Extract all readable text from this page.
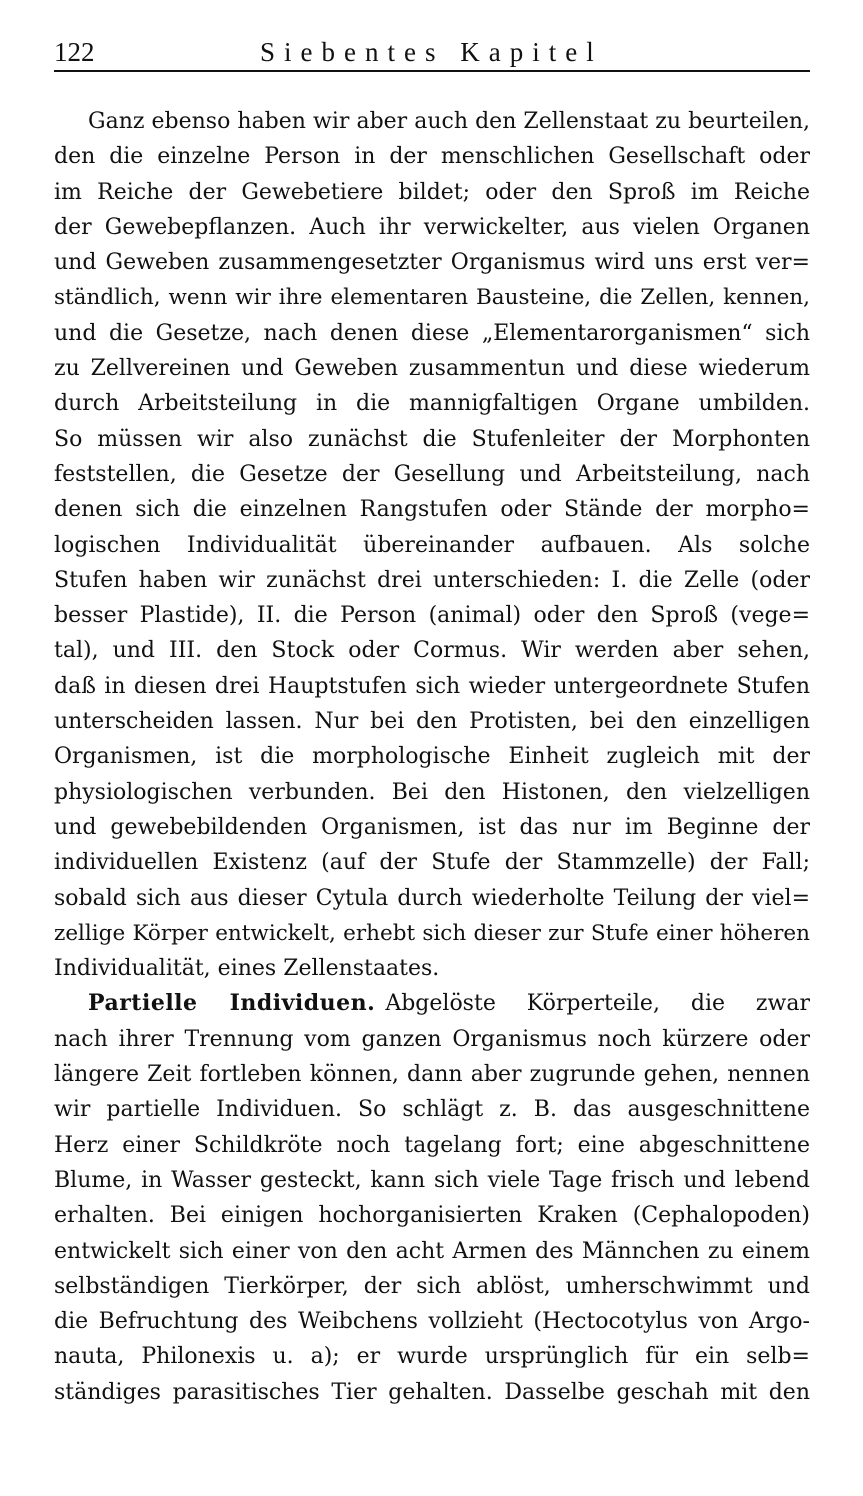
122	Siebentes Kapitel
Ganz ebenso haben wir aber auch den Zellenstaat zu beurteilen,
den die einzelne Person in der menschlichen Gesellschaft oder
im Reiche der Gewebetiere bildet; oder den Sproß im Reiche
der Gewebepflanzen. Auch ihr verwickelter, aus vielen Organen
und Geweben zusammengesetzter Organismus wird uns erst ver=
ständlich, wenn wir ihre elementaren Bausteine, die Zellen, kennen,
und die Gesetze, nach denen diese „Elementarorganismen“ sich
zu Zellvereinen und Geweben zusammentun und diese wiederum
durch Arbeitsteilung in die mannigfaltigen Organe umbilden.
So müssen wir also zunächst die Stufenleiter der Morphonten
feststellen, die Gesetze der Gesellung und Arbeitsteilung, nach
denen sich die einzelnen Rangstufen oder Stände der morpho=
logischen Individualität übereinander aufbauen. Als solche
Stufen haben wir zunächst drei unterschieden: I. die Zelle (oder
besser Plastide), II. die Person (animal) oder den Sproß (vege=
tal), und III. den Stock oder Cormus. Wir werden aber sehen,
daß in diesen drei Hauptstufen sich wieder untergeordnete Stufen
unterscheiden lassen. Nur bei den Protisten, bei den einzelligen
Organismen, ist die morphologische Einheit zugleich mit der
physiologischen verbunden. Bei den Histonen, den vielzelligen
und gewebebildenden Organismen, ist das nur im Beginne der
individuellen Existenz (auf der Stufe der Stammzelle) der Fall;
sobald sich aus dieser Cytula durch wiederholte Teilung der viel=
zellige Körper entwickelt, erhebt sich dieser zur Stufe einer höheren
Individualität, eines Zellenstaates.
Partielle Individuen. Abgelöste Körperteile, die zwar
nach ihrer Trennung vom ganzen Organismus noch kürzere oder
längere Zeit fortleben können, dann aber zugrunde gehen, nennen
wir partielle Individuen. So schlägt z. B. das ausgeschnittene
Herz einer Schildkröte noch tagelang fort; eine abgeschnittene
Blume, in Wasser gesteckt, kann sich viele Tage frisch und lebend
erhalten. Bei einigen hochorganisierten Kraken (Cephalopoden)
entwickelt sich einer von den acht Armen des Männchen zu einem
selbständigen Tierkörper, der sich ablöst, umherschwimmt und
die Befruchtung des Weibchens vollzieht (Hectocotylus von Argo-
nauta, Philonexis u. a); er wurde ursprünglich für ein selb=
ständiges parasitisches Tier gehalten. Dasselbe geschah mit den
